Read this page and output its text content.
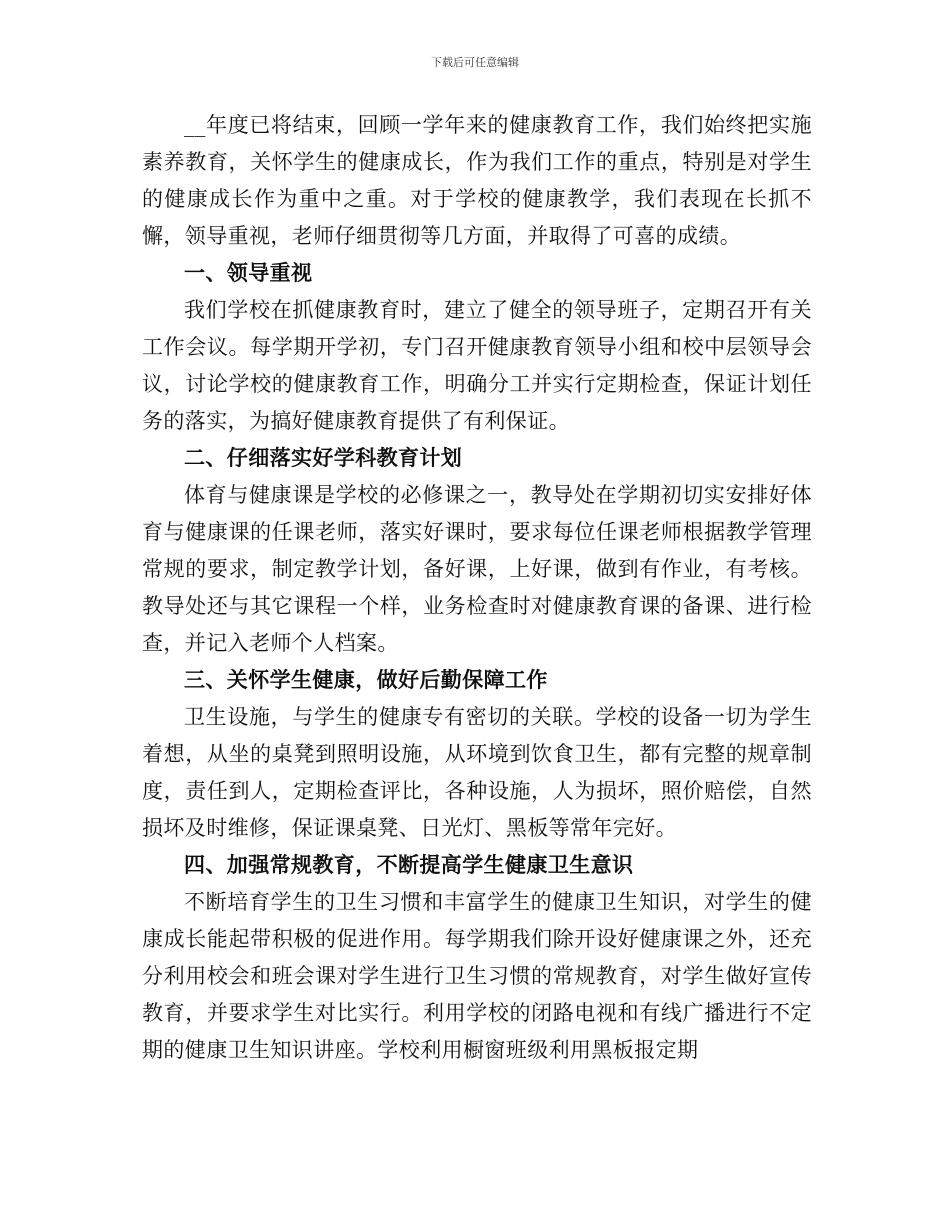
下载后可任意编辑

__年度已将结束，回顾一学年来的健康教育工作，我们始终把实施素养教育，关怀学生的健康成长，作为我们工作的重点，特别是对学生的健康成长作为重中之重。对于学校的健康教学，我们表现在长抓不懈，领导重视，老师仔细贯彻等几方面，并取得了可喜的成绩。

一、领导重视

我们学校在抓健康教育时，建立了健全的领导班子，定期召开有关工作会议。每学期开学初，专门召开健康教育领导小组和校中层领导会议，讨论学校的健康教育工作，明确分工并实行定期检查，保证计划任务的落实，为搞好健康教育提供了有利保证。

二、仔细落实好学科教育计划

体育与健康课是学校的必修课之一，教导处在学期初切实安排好体育与健康课的任课老师，落实好课时，要求每位任课老师根据教学管理常规的要求，制定教学计划，备好课，上好课，做到有作业，有考核。教导处还与其它课程一个样，业务检查时对健康教育课的备课、进行检查，并记入老师个人档案。

三、关怀学生健康，做好后勤保障工作

卫生设施，与学生的健康专有密切的关联。学校的设备一切为学生着想，从坐的桌凳到照明设施，从环境到饮食卫生，都有完整的规章制度，责任到人，定期检查评比，各种设施，人为损坏，照价赔偿，自然损坏及时维修，保证课桌凳、日光灯、黑板等常年完好。

四、加强常规教育，不断提高学生健康卫生意识

不断培育学生的卫生习惯和丰富学生的健康卫生知识，对学生的健康成长能起带积极的促进作用。每学期我们除开设好健康课之外，还充分利用校会和班会课对学生进行卫生习惯的常规教育，对学生做好宣传教育，并要求学生对比实行。利用学校的闭路电视和有线广播进行不定期的健康卫生知识讲座。学校利用橱窗班级利用黑板报定期
